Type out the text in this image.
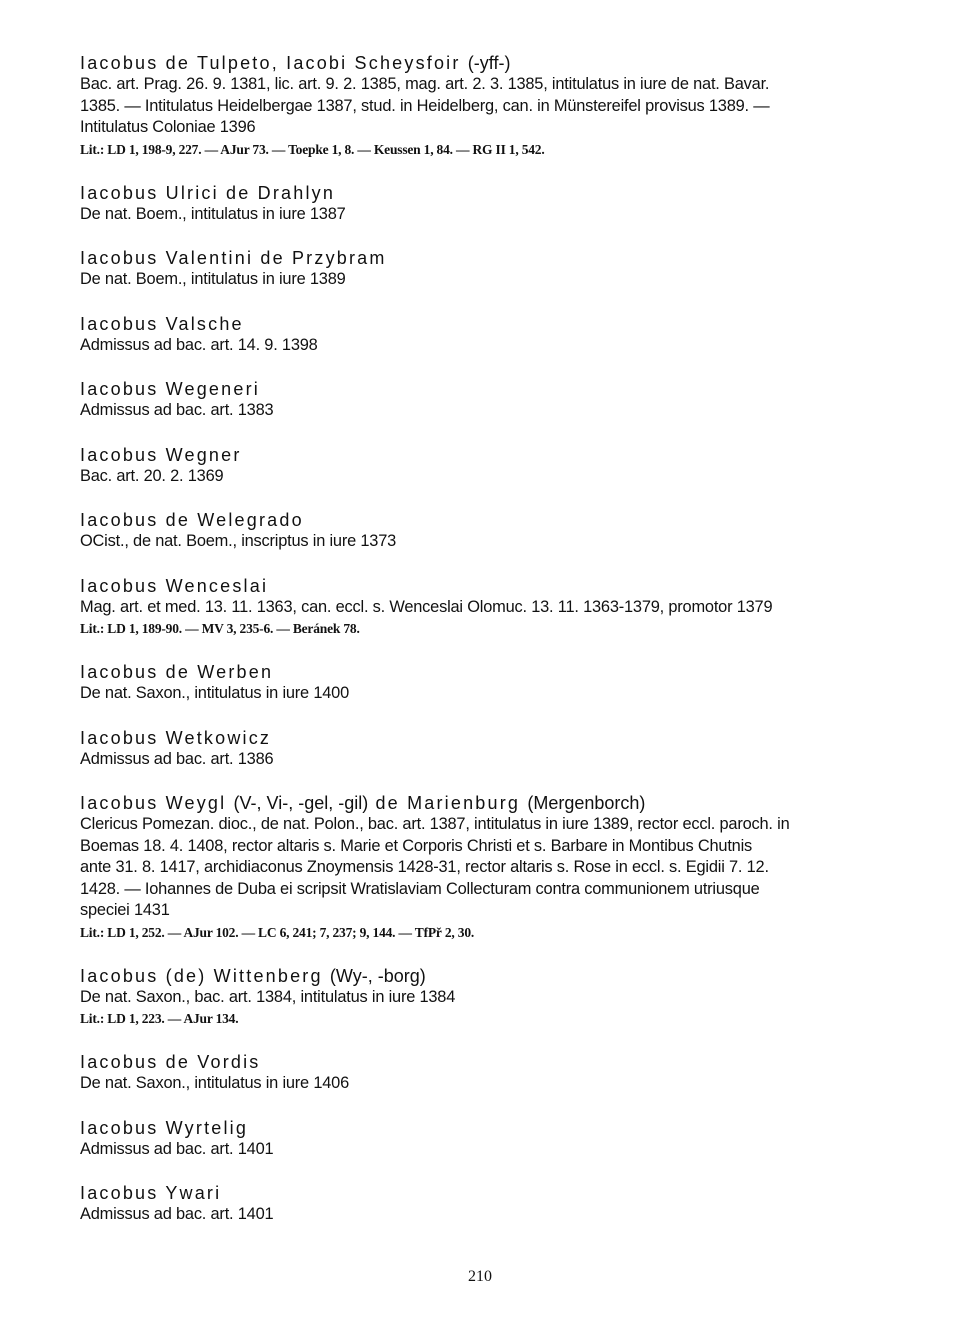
Iacobus de Tulpeto, Iacobi Scheysfoir (-yff-)
Bac. art. Prag. 26. 9. 1381, lic. art. 9. 2. 1385, mag. art. 2. 3. 1385, intitulatus in iure de nat. Bavar.
1385. — Intitulatus Heidelbergae 1387, stud. in Heidelberg, can. in Münstereifel provisus 1389. —
Intitulatus Coloniae 1396
Lit.: LD 1, 198-9, 227. — AJur 73. — Toepke 1, 8. — Keussen 1, 84. — RG II 1, 542.
Iacobus Ulrici de Drahlyn
De nat. Boem., intitulatus in iure 1387
Iacobus Valentini de Przybram
De nat. Boem., intitulatus in iure 1389
Iacobus Valsche
Admissus ad bac. art. 14. 9. 1398
Iacobus Wegeneri
Admissus ad bac. art. 1383
Iacobus Wegner
Bac. art. 20. 2. 1369
Iacobus de Welegrado
OCist., de nat. Boem., inscriptus in iure 1373
Iacobus Wenceslai
Mag. art. et med. 13. 11. 1363, can. eccl. s. Wenceslai Olomuc. 13. 11. 1363-1379, promotor 1379
Lit.: LD 1, 189-90. — MV 3, 235-6. — Beránek 78.
Iacobus de Werben
De nat. Saxon., intitulatus in iure 1400
Iacobus Wetkowicz
Admissus ad bac. art. 1386
Iacobus Weygl (V-, Vi-, -gel, -gil) de Marienburg (Mergenborch)
Clericus Pomezan. dioc., de nat. Polon., bac. art. 1387, intitulatus in iure 1389, rector eccl. paroch. in
Boemas 18. 4. 1408, rector altaris s. Marie et Corporis Christi et s. Barbare in Montibus Chutnis
ante 31. 8. 1417, archidiaconus Znoymensis 1428-31, rector altaris s. Rose in eccl. s. Egidii 7. 12.
1428. — Iohannes de Duba ei scripsit Wratislaviam Collecturam contra communionem utriusque
speciei 1431
Lit.: LD 1, 252. — AJur 102. — LC 6, 241; 7, 237; 9, 144. — TfPř 2, 30.
Iacobus (de) Wittenberg (Wy-, -borg)
De nat. Saxon., bac. art. 1384, intitulatus in iure 1384
Lit.: LD 1, 223. — AJur 134.
Iacobus de Vordis
De nat. Saxon., intitulatus in iure 1406
Iacobus Wyrtelig
Admissus ad bac. art. 1401
Iacobus Ywari
Admissus ad bac. art. 1401
210
